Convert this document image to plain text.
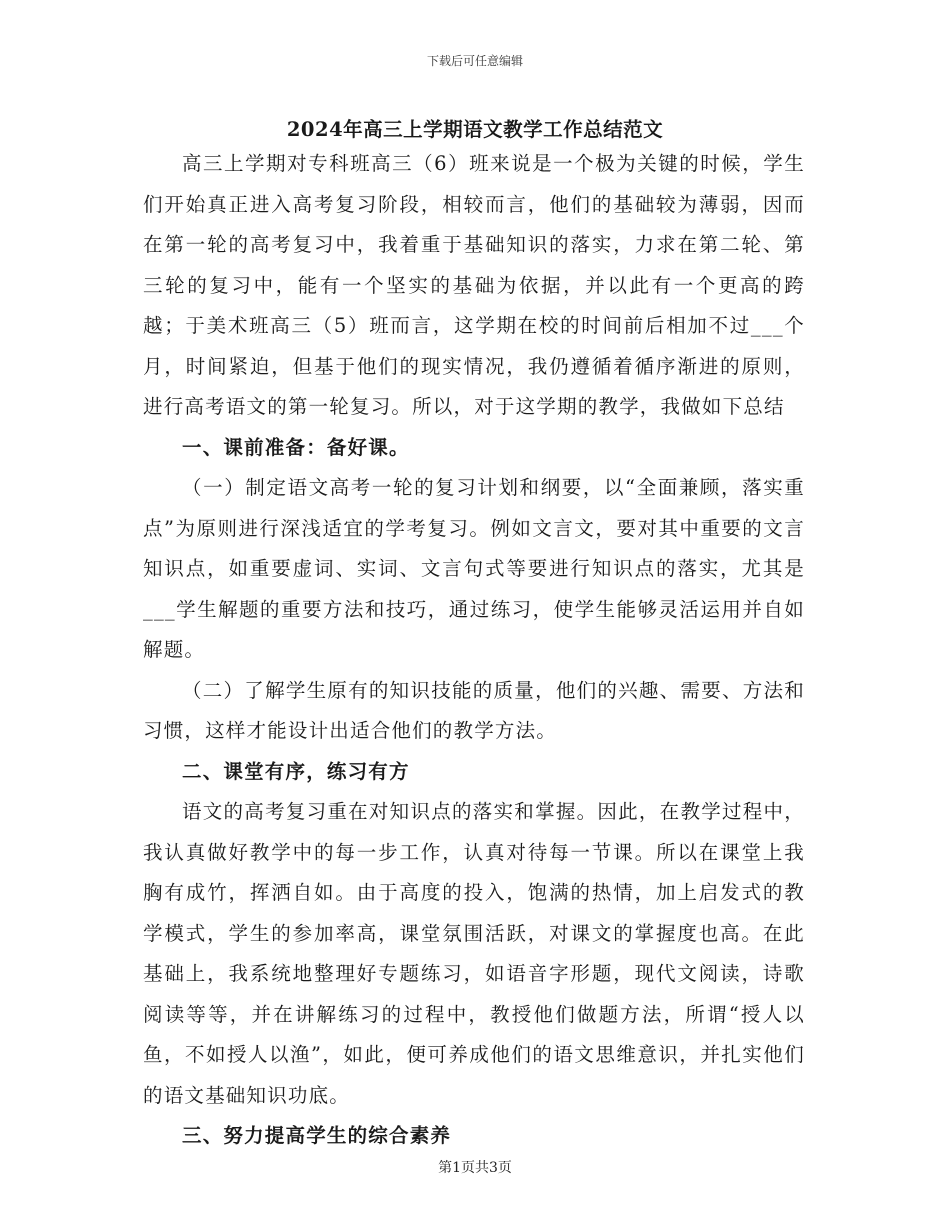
下载后可任意编辑
2024年高三上学期语文教学工作总结范文

高三上学期对专科班高三（6）班来说是一个极为关键的时候，学生们开始真正进入高考复习阶段，相较而言，他们的基础较为薄弱，因而在第一轮的高考复习中，我着重于基础知识的落实，力求在第二轮、第三轮的复习中，能有一个坚实的基础为依据，并以此有一个更高的跨越；于美术班高三（5）班而言，这学期在校的时间前后相加不过___个月，时间紧迫，但基于他们的现实情况，我仍遵循着循序渐进的原则，进行高考语文的第一轮复习。所以，对于这学期的教学，我做如下总结

一、课前准备：备好课。

（一）制定语文高考一轮的复习计划和纲要，以“全面兼顾，落实重点”为原则进行深浅适宜的学考复习。例如文言文，要对其中重要的文言知识点，如重要虚词、实词、文言句式等要进行知识点的落实，尤其是___学生解题的重要方法和技巧，通过练习，使学生能够灵活运用并自如解题。

（二）了解学生原有的知识技能的质量，他们的兴趣、需要、方法和习惯，这样才能设计出适合他们的教学方法。

二、课堂有序，练习有方

语文的高考复习重在对知识点的落实和掌握。因此，在教学过程中，我认真做好教学中的每一步工作，认真对待每一节课。所以在课堂上我胸有成竹，挥洒自如。由于高度的投入，饱满的热情，加上启发式的教学模式，学生的参加率高，课堂氛围活跃，对课文的掌握度也高。在此基础上，我系统地整理好专题练习，如语音字形题，现代文阅读，诗歌阅读等等，并在讲解练习的过程中，教授他们做题方法，所谓“授人以鱼，不如授人以渔”，如此，便可养成他们的语文思维意识，并扎实他们的语文基础知识功底。

三、努力提高学生的综合素养
第1页共3页
